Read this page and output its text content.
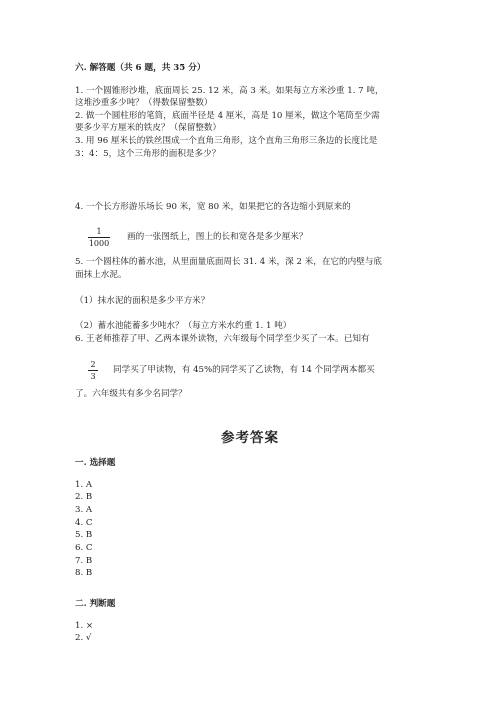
六. 解答题（共 6 题，共 35 分）
1. 一个圆锥形沙堆，底面周长 25. 12 米，高 3 米。如果每立方米沙重 1. 7 吨，
这堆沙重多少吨？（得数保留整数）
2. 做一个圆柱形的笔筒，底面半径是 4 厘米，高是 10 厘米，做这个笔筒至少需
要多少平方厘米的铁皮？（保留整数）
3. 用 96 厘米长的铁丝围成一个直角三角形，这个直角三角形三条边的长度比是
3：4：5，这个三角形的面积是多少？
4. 一个长方形游乐场长 90 米，宽 80 米，如果把它的各边缩小到原来的
1
1000
画的一张图纸上，图上的长和宽各是多少厘米？
5. 一个圆柱体的蓄水池，从里面量底面周长 31. 4 米，深 2 米，在它的内壁与底
面抹上水泥。
（1）抹水泥的面积是多少平方米？
（2）蓄水池能蓄多少吨水？（每立方米水约重 1. 1 吨）
6. 王老师推荐了甲、乙两本课外读物，六年级每个同学至少买了一本。已知有
2
3
同学买了甲读物，有 45%的同学买了乙读物，有 14 个同学两本都买
了。六年级共有多少名同学？
参考答案
一. 选择题
1. A
2. B
3. A
4. C
5. B
6. C
7. B
8. B
二. 判断题
1. ×
2. √
